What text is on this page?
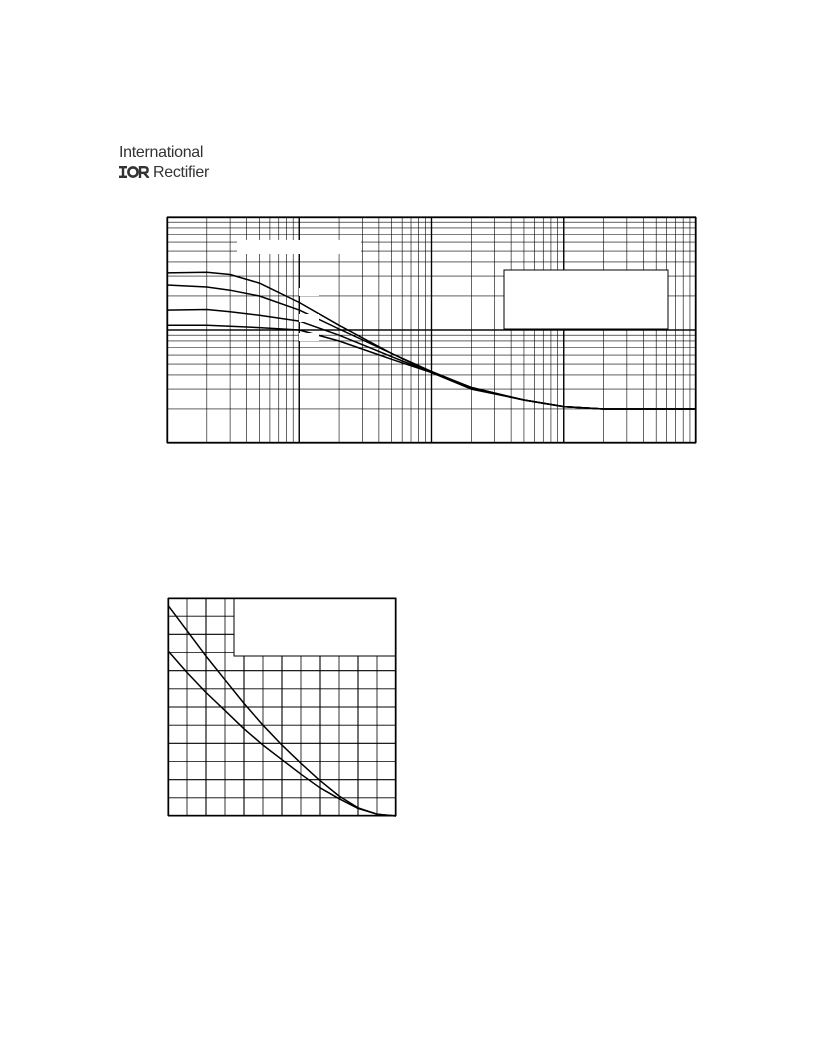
International
Rectifier
